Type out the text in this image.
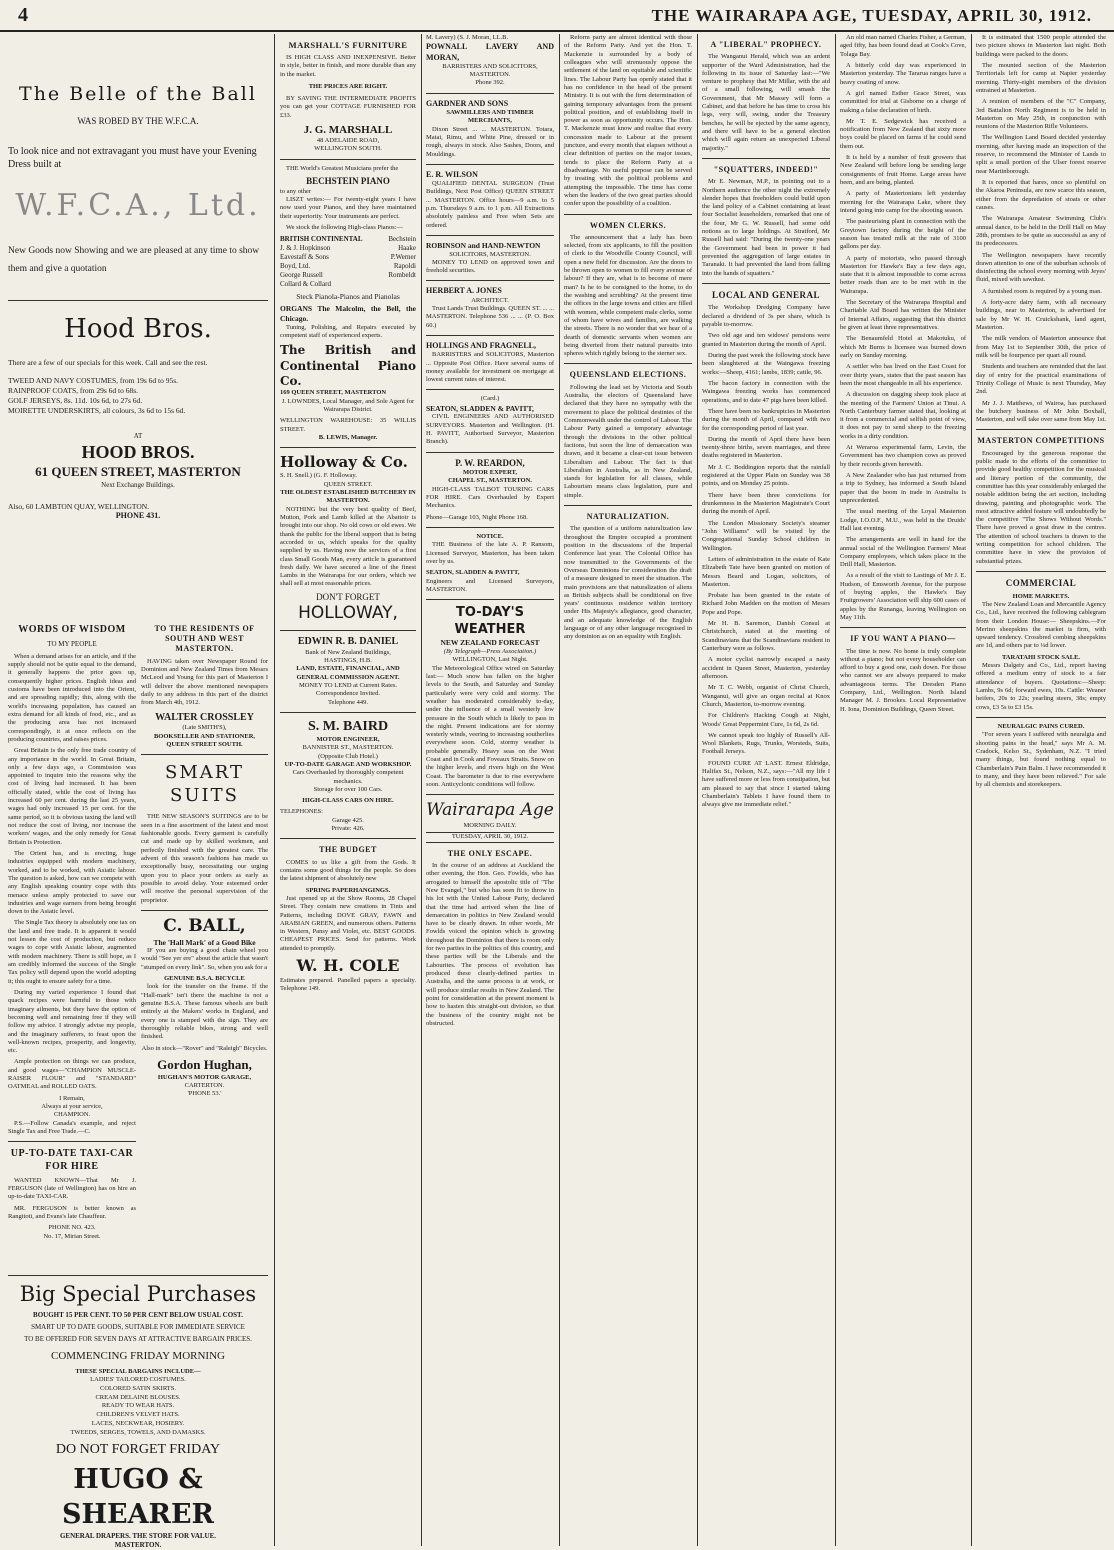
4	THE WAIRARAPA AGE, TUESDAY, APRIL 30, 1912.
The Belle of the Ball
WAS ROBED BY THE W.F.C.A.
To look nice and not extravagant you must have your Evening Dress built at
W.F.C.A., Ltd.
New Goods now Showing and we are pleased at any time to show them and give a quotation
Hood Bros.
There are a few of our specials for this week. Call and see the rest.
TWEED AND NAVY COSTUMES, from 19s 6d to 95s.
RAINPROOF COATS, from 29s 6d to 68s.
GOLF JERSEYS, 8s. 11d. 10s 6d, to 27s 6d.
MOIRETTE UNDERSKIRTS, all colours, 3s 6d to 15s 6d.
AT
HOOD BROS.
61 QUEEN STREET, MASTERTON
Next Exchange Buildings.
Also, 60 LAMBTON QUAY, WELLINGTON.
PHONE 431.
WORDS OF WISDOM
TO MY PEOPLE

When a demand arises for an article, and if the supply should not be quite equal to the demand, it generally happens the price goes up, consequently higher prices. English ideas and customs have been introduced into the Orient, and are spreading rapidly; this, along with the world's increasing population, has caused an extra demand for all kinds of food, etc., and as the producing area has not increased correspondingly, it at once reflects on the producing countries, and raises prices.

Great Britain is the only free trade country of any importance in the world. In Great Britain, only a few days ago, a Commission was appointed to inquire into the reasons why the cost of living had increased. It has been officially stated, while the cost of living has increased 60 per cent. during the last 25 years, wages had only increased 15 per cent. for the same period, so it is obvious taxing the land will not reduce the cost of living, nor increase the workers' wages, and the only remedy for Great Britain is Protection.

The Orient has, and is erecting, huge industries equipped with modern machinery, worked, and to be worked, with Asiatic labour. The question is asked, how can we compete with any English speaking country cope with this menace unless amply protected to save our industries and wage earners from being brought down to the Asiatic level.

The Single Tax theory is absolutely one tax on the land and free trade. It is apparent it would not lessen the cost of production, but reduce wages to cope with Asiatic labour, augmented with modern machinery. There is still hope, as I am credibly informed the success of the Single Tax policy will depend upon the world adopting it; this ought to ensure safety for a time.

During my varied experience I found that quack recipes were harmful to those with imaginary ailments, but they have the option of becoming well and remaining free if they will follow my advice. I strongly advise my people, and the imaginary sufferers, to feast upon the well-known recipes, prosperity, and longevity, etc.

Ample protection on things we can produce, and good wages—"CHAMPION MUSCLE-RAISER FLOUR" and "STANDARD" OATMEAL and ROLLED OATS.

I Remain,
Always at your service,
CHAMPION.

P.S.—Follow Canada's example, and reject Single Tax and Free Trade.—C.

UP-TO-DATE TAXI-CAR FOR HIRE

WANTED KNOWN—That Mr J. FERGUSON (late of Wellington) has on hire an up-to-date TAXI-CAR.

MR. FERGUSON is better known as Rangitoti, and Evans's late Chauffeur.

PHONE NO. 423.
No. 17, Mirian Street.
TO THE RESIDENTS OF SOUTH AND WEST MASTERTON.

HAVING taken over Newspaper Round for Dominion and New Zealand Times from Messrs McLeod and Young for this part of Masterton I will deliver the above mentioned newspapers daily to any address in this part of the district from March 4th, 1912.

WALTER CROSSLEY
(Late SMITH'S),
BOOKSELLER AND STATIONER,
QUEEN STREET SOUTH.
SMART SUITS

THE NEW SEASON'S SUITINGS are to be seen in a fine assortment of the latest and most fashionable goods. Every garment is carefully cut and made up by skilled workmen, and perfectly finished with the greatest care. The advent of this season's fashions has made us exceptionally busy, necessitating our urging upon you to place your orders as early as possible to avoid delay. Your esteemed order will receive the personal supervision of the proprietor.

C. BALL,
The 'Hall Mark' of a Good Bike

IF you are buying a good chain wheel you would "See yer ere" about the article that wasn't "stumped on every link". So, when you ask for a

GENUINE B.S.A. BICYCLE

look for the transfer on the frame. If the "Hall-mark" isn't there the machine is not a genuine B.S.A. These famous wheels are built entirely at the Makers' works in England, and every one is stamped with the sign. They are thoroughly reliable bikes, strong and well finished.

Also in stock—"Rover" and "Raleigh" Bicycles.
Gordon Hughan,
HUGHAN'S MOTOR GARAGE,
CARTERTON.
'PHONE 53.'
Big Special Purchases
BOUGHT 15 PER CENT. TO 50 PER CENT BELOW USUAL COST.
SMART UP TO DATE GOODS, SUITABLE FOR IMMEDIATE SERVICE
TO BE OFFERED FOR SEVEN DAYS AT ATTRACTIVE BARGAIN PRICES.
COMMENCING FRIDAY MORNING
THESE SPECIAL BARGAINS INCLUDE—
LADIES' TAILORED COSTUMES.
COLORED SATIN SKIRTS.
CREAM DELAINE BLOUSES.
READY TO WEAR HATS.
CHILDREN'S VELVET HATS.
LACES, NECKWEAR, HOSIERY.
TWEEDS, SERGES, TOWELS, AND DAMASKS.
DO NOT FORGET FRIDAY
HUGO & SHEARER
GENERAL DRAPERS. THE STORE FOR VALUE.
MASTERTON.
MARSHALL'S FURNITURE

IS HIGH CLASS AND INEXPENSIVE. Better in style, better in finish, and more durable than any in the market.

THE PRICES ARE RIGHT.

BY SAVING THE INTERMEDIATE PROFITS you can get your COTTAGE FURNISHED FOR £33.

J. G. MARSHALL
48 ADELAIDE ROAD,
WELLINGTON SOUTH.

THE World's Greatest Musicians prefer the

BECHSTEIN PIANO
to any other

LISZT writes:— For twenty-eight years I have now used your Pianos, and they have maintained their superiority. Your instruments are perfect.

We stock the following High-class Pianos:—

BRITISH CONTINENTAL
J. & J. Hopkinson
Eavestaff & Sons
Boyd, Ltd.
George Russell
Collard & Collard
Bechstein
Haake
P.Werner
Rapoldi
Rombeldt
Steck Pianola-Pianos and Pianolas
ORGANS The Malcolm, the Bell, the Chicago.

Tuning, Polishing, and Repairs executed by competent staff of experienced experts.

The British and Continental Piano Co.
169 QUEEN STREET, MASTERTON
J. LOWNDES, Local Manager, and Sole Agent for Wairarapa District.
WELLINGTON WAREHOUSE: 35 WILLIS STREET.
B. LEWIS, Manager.
Holloway & Co.
S. H. Snell.) (G. F. Holloway.
QUEEN STREET.
THE OLDEST ESTABLISHED BUTCHERY IN MASTERTON.

NOTHING but the very best quality of Beef, Mutton, Pork and Lamb killed at the Abattoir is brought into our shop. No old cows or old ewes. We thank the public for the liberal support that is being accorded to us, which speaks for the quality supplied by us. Having now the services of a first class Small Goods Man, every article is guaranteed fresh daily. We have secured a line of the finest Lambs in the Wairarapa for our orders, which we shall sell at most reasonable prices.

DON'T FORGET
HOLLOWAY,
EDWIN R. B. DANIEL
Bank of New Zealand Buildings,
HASTINGS, H.B.
LAND, ESTATE, FINANCIAL, AND GENERAL COMMISSION AGENT.
MONEY TO LEND at Current Rates.
Correspondence Invited.
Telephone 449.
S. M. BAIRD
MOTOR ENGINEER,
BANNISTER ST., MASTERTON.
(Opposite Club Hotel.)
UP-TO-DATE GARAGE AND WORKSHOP.
Cars Overhauled by thoroughly competent mechanics.
Storage for over 100 Cars.
HIGH-CLASS CARS ON HIRE.
TELEPHONES:
Garage 425.
Private: 426.
THE BUDGET

COMES to us like a gift from the Gods. It contains some good things for the people. So does the latest shipment of absolutely new

SPRING PAPERHANGINGS.

Just opened up at the Show Rooms, 28 Chapel Street. They contain new creations in Tints and Patterns, including DOVE GRAY, FAWN and ARABIAN GREEN, and numerous others. Patterns in Western, Pansy and Violet, etc. BEST GOODS. CHEAPEST PRICES. Send for patterns. Work attended to promptly.

W. H. COLE
Estimates prepared. Panelled papers a specialty. Telephone 149.
M. Lavery) (S. J. Moran, LL.B.
POWNALL LAVERY AND MORAN,
BARRISTERS AND SOLICITORS, MASTERTON.
Phone 392.
GARDNER AND SONS
SAWMILLERS AND TIMBER MERCHANTS,

Dixon Street ... ... MASTERTON. Totara, Matai, Rimu, and White Pine, dressed or in rough, always in stock. Also Sashes, Doors, and Mouldings.

E. R. WILSON

QUALIFIED DENTAL SURGEON (Trust Buildings, Next Post Office) QUEEN STREET ... MASTERTON. Office hours—9 a.m. to 5 p.m. Thursdays 9 a.m. to 1 p.m. All Extractions absolutely painless and Free when Sets are ordered.

ROBINSON and HAND-NEWTON
SOLICITORS, MASTERTON.

MONEY TO LEND on approved town and freehold securities.

HERBERT A. JONES
ARCHITECT.

Trust Lands Trust Buildings. QUEEN ST. ... ... MASTERTON. Telephone 536 ... ... (P. O. Box 60.)

HOLLINGS AND FRAGNELL,

BARRISTERS and SOLICITORS, Masterton ... Opposite Post Office. Have several sums of money available for investment on mortgage at lowest current rates of interest.

(Card.)
SEATON, SLADDEN & PAVITT,

CIVIL ENGINEERS AND AUTHORISED SURVEYORS. Masterton and Wellington. (H. H. PAVITT, Authorised Surveyor, Masterton Branch).

P. W. REARDON,
MOTOR EXPERT,
CHAPEL ST., MASTERTON.

HIGH-CLASS TALBOT TOURING CARS FOR HIRE. Cars Overhauled by Expert Mechanics.

Phone—Garage 103, Night Phone 168.
NOTICE.

THE Business of the late A. P. Ransom, Licensed Surveyor, Masterton, has been taken over by us.

SEATON, SLADDEN & PAVITT,
Engineers and Licensed Surveyors, MASTERTON.
TO-DAY'S WEATHER
NEW ZEALAND FORECAST
(By Telegraph—Press Association.)
WELLINGTON, Last Night.

The Meteorological Office wired on Saturday last:— Much snow has fallen on the higher levels to the South, and Saturday and Sunday particularly were very cold and stormy. The weather has moderated considerably to-day, under the influence of a small westerly low pressure in the South which is likely to pass in the night. Present indications are for stormy westerly winds, veering to increasing southerlies everywhere soon. Cold, stormy weather is probable generally. Heavy seas on the West Coast and in Cook and Foveaux Straits. Snow on the higher levels, and rivers high on the West Coast. The barometer is due to rise everywhere soon. Anticyclonic conditions will follow.

Wairarapa Age
MORNING DAILY.
TUESDAY, APRIL 30, 1912.
THE ONLY ESCAPE.

In the course of an address at Auckland the other evening, the Hon. Geo. Fowlds, who has arrogated to himself the apostolic title of "The New Evangel," but who has seen fit to throw in his lot with the United Labour Party, declared that the time had arrived when the line of demarcation in politics in New Zealand would have to be clearly drawn. In other words, Mr Fowlds voiced the opinion which is growing throughout the Dominion that there is room only for two parties in the politics of this country, and these parties will be the Liberals and the Labourites. The process of evolution has produced these clearly-defined parties in Australia, and the same process is at work, or will produce similar results in New Zealand. The point for consideration at the present moment is how to hasten this straight-out division, so that the business of the country might not be obstructed.

Reform party are almost identical with those of the Reform Party. And yet the Hon. T. Mackenzie is surrounded by a body of colleagues who will strenuously oppose the settlement of the land on equitable and scientific lines. The Labour Party has openly stated that it has no confidence in the head of the present Ministry. It is out with the firm determination of gaining temporary advantages from the present political position, and of establishing itself in power as soon as opportunity occurs. The Hon. T. Mackenzie must know and realise that every concession made to Labour at the present juncture, and every month that elapses without a clear definition of parties on the major issues, tends to place the Reform Party at a disadvantage. No useful purpose can be served by treating with the political problems and attempting the impossible. The time has come when the leaders of the two great parties should confer upon the possibility of a coalition.

WOMEN CLERKS.

The announcement that a lady has been selected, from six applicants, to fill the position of clerk to the Woodville County Council, will open a new field for discussion. Are the doors to be thrown open to women to fill every avenue of labour? If they are, what is to become of mere man? Is he to be consigned to the home, to do the washing and scrubbing? At the present time the offices in the large towns and cities are filled with women, while competent male clerks, some of whom have wives and families, are walking the streets. There is no wonder that we hear of a dearth of domestic servants when women are being diverted from their natural pursuits into spheres which rightly belong to the sterner sex.

QUEENSLAND ELECTIONS.

Following the lead set by Victoria and South Australia, the electors of Queensland have declared that they have no sympathy with the movement to place the political destinies of the Commonwealth under the control of Labour. The Labour Party gained a temporary advantage through the divisions in the other political factions, but soon the line of demarcation was drawn, and it became a clear-cut issue between Liberalism and Labour. The fact is that Liberalism in Australia, as in New Zealand, stands for legislation for all classes, while Labourism means class legislation, pure and simple.

NATURALIZATION.

The question of a uniform naturalization law throughout the Empire occupied a prominent position in the discussions of the Imperial Conference last year. The Colonial Office has now transmitted to the Governments of the Overseas Dominions for consideration the draft of a measure designed to meet the situation. The main provisions are that naturalization of aliens as British subjects shall be conditional on five years' continuous residence within territory under His Majesty's allegiance, good character, and an adequate knowledge of the English language or of any other language recognised in any dominion as on an equality with English.

A "LIBERAL" PROPHECY.

The Wanganui Herald, which was an ardent supporter of the Ward Administration, had the following in its issue of Saturday last:—"We venture to prophesy that Mr Millar, with the aid of a small following, will smash the Government, that Mr Massey will form a Cabinet, and that before he has time to cross his legs, very will, swing, under the Treasury benches, he will be ejected by the same agency, and there will have to be a general election which will again return an unexpected Liberal majority."

"SQUATTERS, INDEED!"

Mr E. Newman, M.P., in pointing out to a Northern audience the other night the extremely slender hopes that freeholders could build upon the land policy of a Cabinet containing at least four Socialist leaseholders, remarked that one of the four, Mr G. W. Russell, had some odd notions as to large holdings. At Stratford, Mr Russell had said: "During the twenty-one years the Government had been in power it had prevented the aggregation of large estates in Taranaki. It had prevented the land from falling into the hands of squatters."

LOCAL AND GENERAL

The Workshop Dredging Company have declared a dividend of 3s per share, which is payable to-morrow.

Two old age and ten widows' pensions were granted in Masterton during the month of April.

During the past week the following stock have been slaughtered at the Waingawa freezing works:—Sheep, 4161; lambs, 1839; cattle, 96.

The bacon factory in connection with the Waingawa freezing works has commenced operations, and to date 47 pigs have been killed.

There have been no bankruptcies in Masterton during the month of April, compared with two for the corresponding period of last year.

During the month of April there have been twenty-three births, seven marriages, and three deaths registered in Masterton.

Mr J. C. Boddington reports that the rainfall registered at the Upper Plain on Sunday was 38 points, and on Monday 25 points.

There have been three convictions for drunkenness in the Masterton Magistrate's Court during the month of April.

The London Missionary Society's steamer "John Williams" will be visited by the Congregational Sunday School children in Wellington.

Letters of administration in the estate of Kate Elizabeth Tate have been granted on motion of Messrs Beard and Logan, solicitors, of Masterton.

Probate has been granted in the estate of Richard John Madden on the motion of Messrs Pope and Pope.

Mr H. B. Saremon, Danish Consul at Christchurch, stated at the meeting of Scandinavians that the Scandinavians resident in Canterbury were as follows.

A motor cyclist narrowly escaped a nasty accident in Queen Street, Masterton, yesterday afternoon.

Mr T. C. Webb, organist of Christ Church, Wanganui, will give an organ recital at Knox Church, Masterton, to-morrow evening.

For Children's Hacking Cough at Night, Woods' Great Peppermint Cure, 1s 6d, 2s 6d.

We cannot speak too highly of Russell's All-Wool Blankets, Rugs, Trunks, Worsteds, Suits, Football Jerseys.

FOUND CURE AT LAST. Ernest Eldridge, Halifax St., Nelson, N.Z., says:—"All my life I have suffered more or less from constipation, but am pleased to say that since I started taking Chamberlain's Tablets I have found them to always give me immediate relief."

An old man named Charles Fisher, a German, aged fifty, has been found dead at Cook's Cove, Tolaga Bay.

A bitterly cold day was experienced in Masterton yesterday. The Tararua ranges have a heavy coating of snow.

A girl named Esther Grace Street, was committed for trial at Gisborne on a charge of making a false declaration of birth.

Mr T. E. Sedgewick has received a notification from New Zealand that sixty more boys could be placed on farms if he could send them out.

It is held by a number of fruit growers that New Zealand will before long be sending large consignments of fruit Home. Large areas have been, and are being, planted.

A party of Mastertonians left yesterday morning for the Wairarapa Lake, where they intend going into camp for the shooting season.

The pasteurising plant in connection with the Greytown factory during the height of the season has treated milk at the rate of 3100 gallons per day.

A party of motorists, who passed through Masterton for Hawke's Bay a few days ago, state that it is almost impossible to come across better roads than are to be met with in the Wairarapa.

The Secretary of the Wairarapa Hospital and Charitable Aid Board has written the Minister of Internal Affairs, suggesting that this district be given at least three representatives.

The Benaumfeld Hotel at Makotuku, of which Mr Burns is licensee was burned down early on Sunday morning.

A settler who has lived on the East Coast for over thirty years, states that the past season has been the most changeable in all his experience.

A discussion on dagging sheep took place at the meeting of the Farmers' Union at Tinui. A North Canterbury farmer stated that, looking at it from a commercial and selfish point of view, it does not pay to send sheep to the freezing works in a dirty condition.

At Weraroa experimental farm, Levin, the Government has two champion cows as proved by their records given herewith.

A New Zealander who has just returned from a trip to Sydney, has informed a South Island paper that the boom in trade in Australia is unprecedented.

The usual meeting of the Loyal Masterton Lodge, I.O.O.F., M.U., was held in the Druids' Hall last evening.

The arrangements are well in hand for the annual social of the Wellington Farmers' Meat Company employees, which takes place in the Drill Hall, Masterton.

As a result of the visit to Lastings of Mr J. E. Hudson, of Emsworth Avenue, for the purpose of buying apples, the Hawke's Bay Fruitgrowers' Association will ship 600 cases of apples by the Runanga, leaving Wellington on May 11th.

IF YOU WANT A PIANO—

The time is now. No home is truly complete without a piano; but not every householder can afford to buy a good one, cash down. For those who cannot we are always prepared to make advantageous terms. The Dresden Piano Company, Ltd., Wellington. North Island Manager M. J. Brookes. Local Representative H. Iona, Dominion Buildings, Queen Street.

It is estimated that 1500 people attended the two picture shows in Masterton last night. Both buildings were packed to the doors.

The mounted section of the Masterton Territorials left for camp at Napier yesterday morning. Thirty-eight members of the division entrained at Masterton.

A reunion of members of the "C" Company, 3rd Battalion North Regiment is to be held in Masterton on May 25th, in conjunction with reunions of the Masterton Rifle Volunteers.

The Wellington Land Board decided yesterday morning, after having made an inspection of the reserve, to recommend the Minister of Lands to split a small portion of the Ulser forest reserve near Martinborough.

It is reported that hares, once so plentiful on the Akaroa Peninsula, are now scarce this season, either from the depredation of stoats or other causes.

The Wairarapa Amateur Swimming Club's annual dance, to be held in the Drill Hall on May 28th, promises to be quite as successful as any of its predecessors.

The Wellington newspapers have recently drawn attention to one of the suburban schools of disinfecting the school every morning with Jeyes' fluid, mixed with sawdust.

A furnished room is required by a young man.

A forty-acre dairy farm, with all necessary buildings, near to Masterton, is advertised for sale by Mr W. H. Cruickshank, land agent, Masterton.

The milk vendors of Masterton announce that from May 1st to September 30th, the price of milk will be fourpence per quart all round.

Students and teachers are reminded that the last day of entry for the practical examinations of Trinity College of Music is next Thursday, May 2nd.

Mr J. J. Matthews, of Wairoa, has purchased the butchery business of Mr John Boxhall, Masterton, and will take over same from May 1st.

MASTERTON COMPETITIONS

Encouraged by the generous response the public made to the efforts of the committee to provide good healthy competition for the musical and literary portion of the community, the committee has this year considerably enlarged the notable addition being the art section, including drawing, painting and photographic work. The most attractive added feature will undoubtedly be the competitive "The Shows Without Words." There have proved a great draw in the centres. The attention of school teachers is drawn to the writing competition for school children. The committee have in view the provision of substantial prizes.

COMMERCIAL
HOME MARKETS.

The New Zealand Loan and Mercantile Agency Co., Ltd., have received the following cablegram from their London House:— Sheepskins.—For Merino sheepskins the market is firm, with upward tendency. Crossbred combing sheepskins are 1d, and others par to ¼d lower.

TARATAHI STOCK SALE.

Messrs Dalgety and Co., Ltd., report having offered a medium entry of stock to a fair attendance of buyers. Quotations:—Sheep: Lambs, 9s 6d; forward ewes, 10s. Cattle: Weaner heifers, 20s to 22s; yearling steers, 38s; empty cows, £3 5s to £3 15s.

NEURALGIC PAINS CURED.

"For seven years I suffered with neuralgia and shooting pains in the head," says Mr A. M. Cradock, Kelso St., Sydenham, N.Z. "I tried many things, but found nothing equal to Chamberlain's Pain Balm. I have recommended it to many, and they have been relieved." For sale by all chemists and storekeepers.
